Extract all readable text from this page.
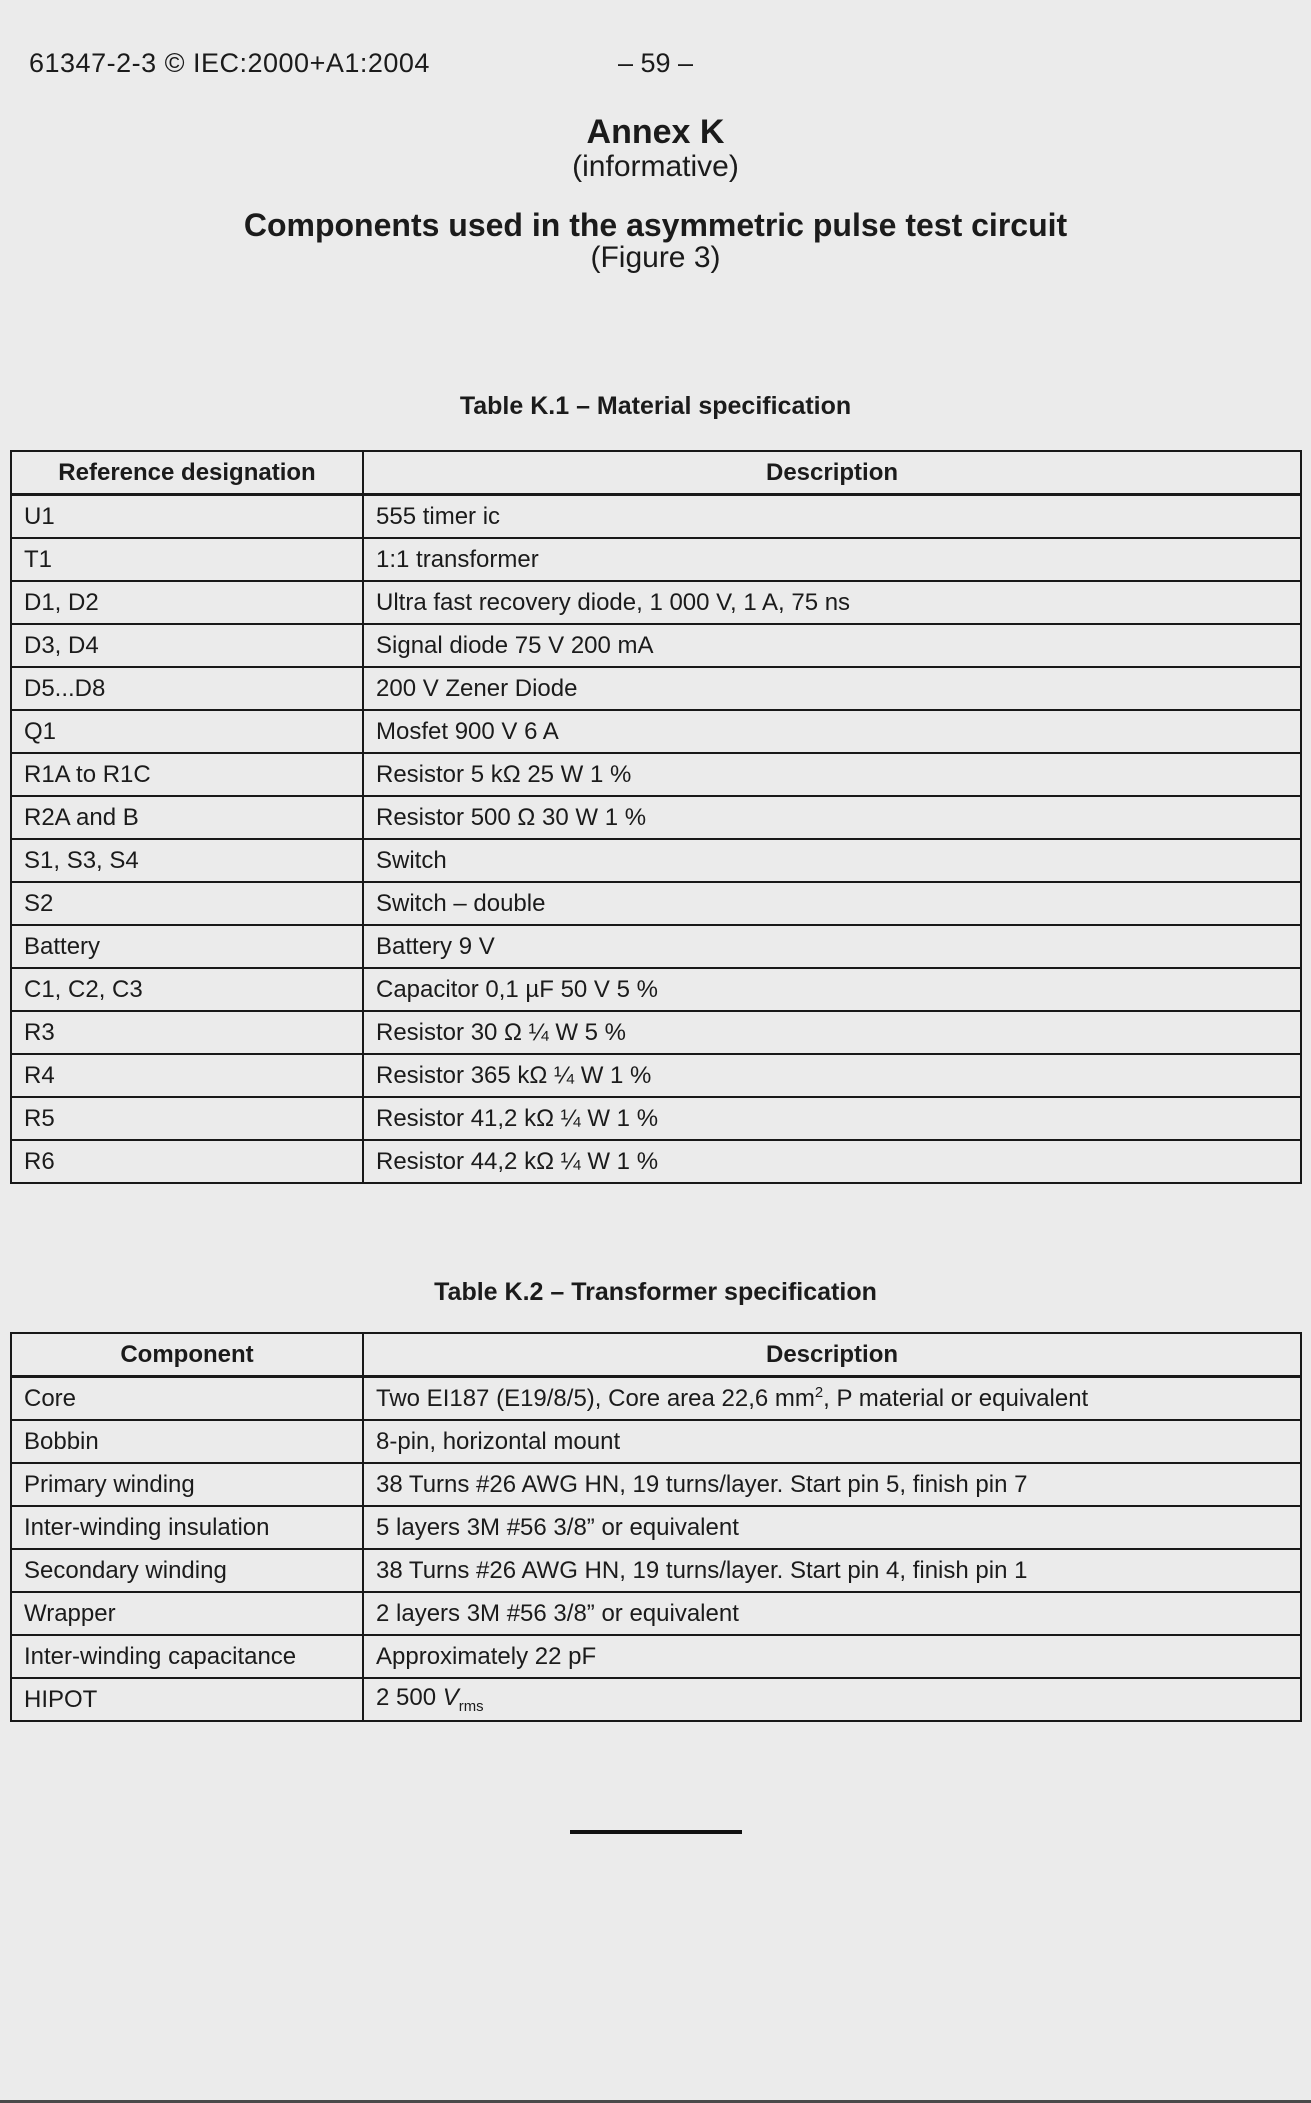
61347-2-3 © IEC:2000+A1:2004	– 59 –
Annex K
(informative)
Components used in the asymmetric pulse test circuit
(Figure 3)
Table K.1 – Material specification
Reference designation	Description
U1	555 timer ic
T1	1:1 transformer
D1, D2	Ultra fast recovery diode, 1 000 V, 1 A, 75 ns
D3, D4	Signal diode 75 V 200 mA
D5...D8	200 V Zener Diode
Q1	Mosfet 900 V 6 A
R1A to R1C	Resistor 5 kΩ 25 W 1 %
R2A and B	Resistor 500 Ω 30 W 1 %
S1, S3, S4	Switch
S2	Switch – double
Battery	Battery 9 V
C1, C2, C3	Capacitor 0,1 µF 50 V 5 %
R3	Resistor 30 Ω ¼ W 5 %
R4	Resistor 365 kΩ ¼ W 1 %
R5	Resistor 41,2 kΩ ¼ W 1 %
R6	Resistor 44,2 kΩ ¼ W 1 %
Table K.2 – Transformer specification
Component	Description
Core	Two EI187 (E19/8/5), Core area 22,6 $mm^2$, P material or equivalent
Bobbin	8-pin, horizontal mount
Primary winding	38 Turns #26 AWG HN, 19 turns/layer. Start pin 5, finish pin 7
Inter-winding insulation	5 layers 3M #56 3/8” or equivalent
Secondary winding	38 Turns #26 AWG HN, 19 turns/layer. Start pin 4, finish pin 1
Wrapper	2 layers 3M #56 3/8” or equivalent
Inter-winding capacitance	Approximately 22 pF
HIPOT	2 500 $V_{rms}$
